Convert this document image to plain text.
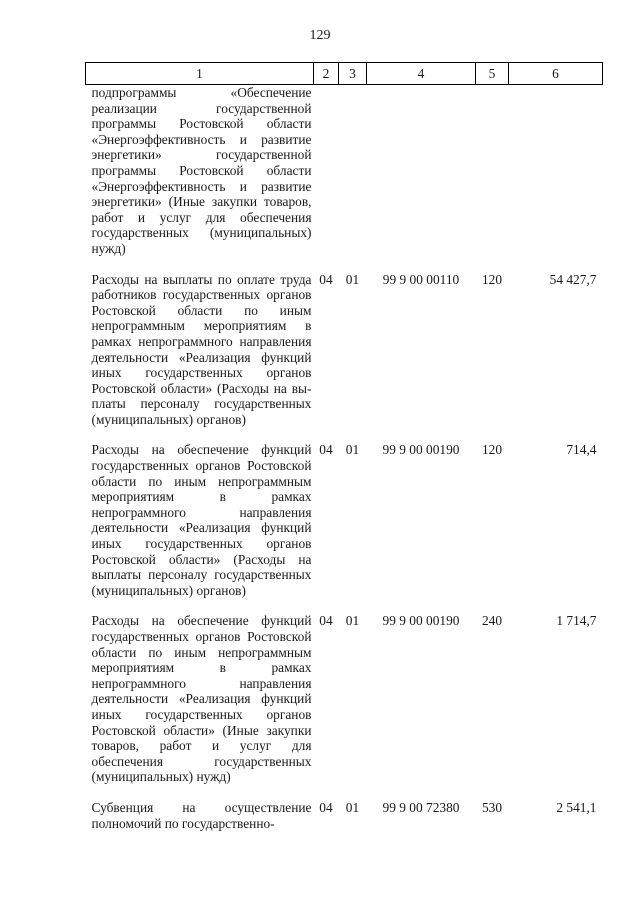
129
1	2	3	4	5	6
подпрограммы «Обеспечение реализации государственной программы Ростовской области «Энергоэффективность и развитие энергетики» государственной программы Ростовской области «Энергоэффективность и развитие энергетики» (Иные закупки товаров, работ и услуг для обеспечения государственных (муниципальных) нужд)					
Расходы на выплаты по оплате труда работников государственных органов Ростовской области по иным непрограммным мероприятиям в рамках непрограммного направления деятельности «Реализация функций иных государственных органов Ростовской области» (Расходы на выплаты персоналу государственных (муниципальных) органов)	04	01	99 9 00 00110	120	54 427,7
Расходы на обеспечение функций государственных органов Ростовской области по иным непрограммным мероприятиям в рамках непрограммного направления деятельности «Реализация функций иных государственных органов Ростовской области» (Расходы на выплаты персоналу государственных (муниципальных) органов)	04	01	99 9 00 00190	120	714,4
Расходы на обеспечение функций государственных органов Ростовской области по иным непрограммным мероприятиям в рамках непрограммного направления деятельности «Реализация функций иных государственных органов Ростовской области» (Иные закупки товаров, работ и услуг для обеспечения государственных (муниципальных) нужд)	04	01	99 9 00 00190	240	1 714,7
Субвенция на осуществление полномочий по государственно-	04	01	99 9 00 72380	530	2 541,1
